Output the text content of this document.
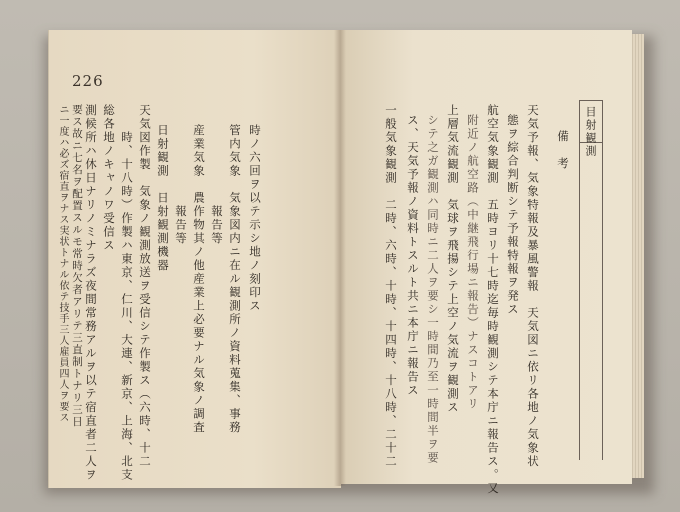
226
時ノ六回ヲ以テ示シ地ノ刻印ス
管内気象　気象図内ニ在ル観測所ノ資料蒐集、事務
　　　　　　報告等
産業気象　農作物其ノ他産業上必要ナル気象ノ調査
　　　　　　報告等
日射観測　日射観測機器
天気図作製　気象ノ観測放送ヲ受信シテ作製ス（六時、十二
　　時、十八時）作製ハ東京、仁川、大連、新京、上海、北支
総各地ノキャノワ受信ス
測候所ハ休日ナリノミナラズ夜間常務アルヲ以テ宿直者二人ヲ
要ス故ニ七名ヲ配置スルモ常時欠者アリテ三直制トナリ三日
ニ一度ハ必ズ宿直ヲナス実状トナル依テ技手三人雇員四人ヲ要ス	目射観測
備　考
天気予報、気象特報及暴風警報　天気図ニ依リ各地ノ気象状
態ヲ綜合判断シテ予報特報ヲ発ス
航空気象観測　五時ヨリ十七時迄毎時観測シテ本庁ニ報告ス。又
附近ノ航空路（中継飛行場ニ報告）ナスコトアリ
上層気流観測　気球ヲ飛揚シテ上空ノ気流ヲ観測ス
シテ之ガ観測ハ同時ニ二人ヲ要シ一時間乃至一時間半ヲ要
ス、天気予報ノ資料トスルト共ニ本庁ニ報告ス
一般気象観測　二時、六時、十時、十四時、十八時、二十二
